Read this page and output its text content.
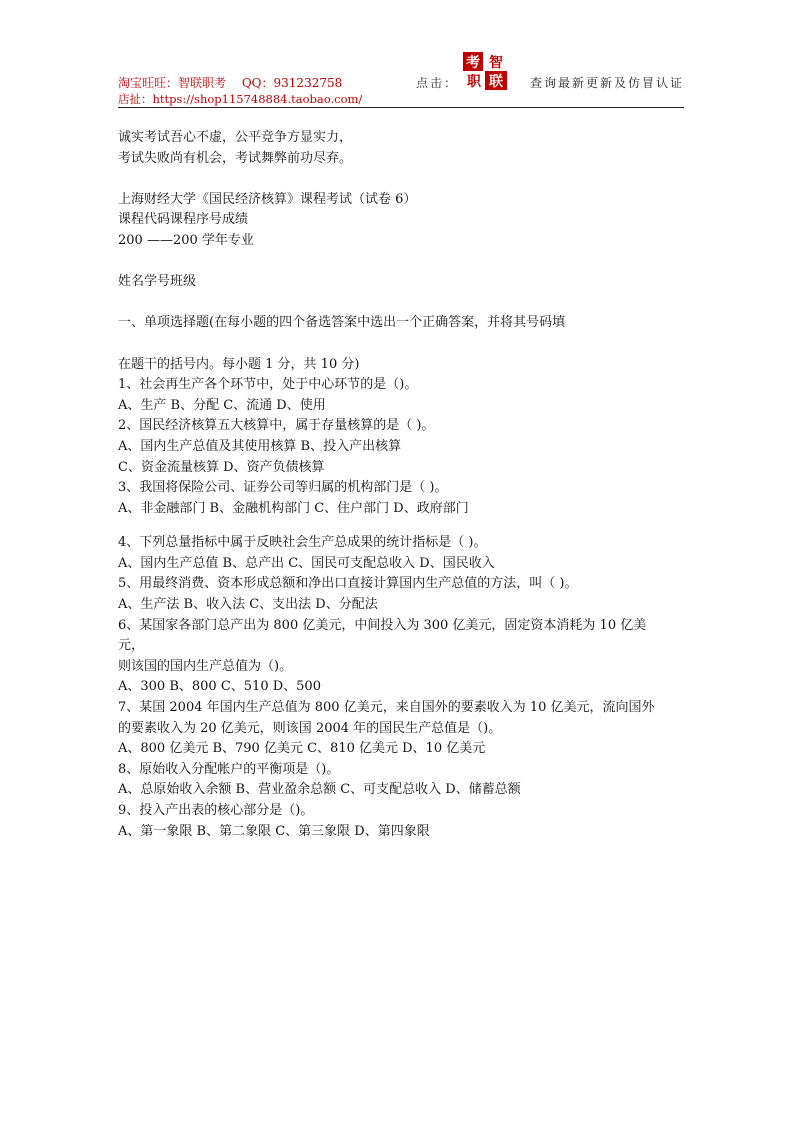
淘宝旺旺：智联职考 QQ：931232758
店扯：https://shop115748884.taobao.com/
点击：
考 智
职 联 查询最新更新及仿冒认证
诚实考试吾心不虚，公平竞争方显实力，
考试失败尚有机会，考试舞弊前功尽弃。
上海财经大学《国民经济核算》课程考试（试卷 6）
课程代码课程序号成绩
200 ——200 学年专业
姓名学号班级
一、单项选择题(在每小题的四个备选答案中选出一个正确答案，并将其号码填
在题干的括号内。每小题 1 分，共 10 分)
1、社会再生产各个环节中，处于中心环节的是（)。
A、生产 B、分配 C、流通 D、使用
2、国民经济核算五大核算中，属于存量核算的是（ )。
A、国内生产总值及其使用核算 B、投入产出核算
C、资金流量核算 D、资产负债核算
3、我国将保险公司、证券公司等归属的机构部门是（ )。
A、非金融部门 B、金融机构部门 C、住户部门 D、政府部门
4、下列总量指标中属于反映社会生产总成果的统计指标是（ )。
A、国内生产总值 B、总产出 C、国民可支配总收入 D、国民收入
5、用最终消费、资本形成总额和净出口直接计算国内生产总值的方法，叫（ )。
A、生产法 B、收入法 C、支出法 D、分配法
6、某国家各部门总产出为 800 亿美元，中间投入为 300 亿美元，固定资本消耗为 10 亿美
元，
则该国的国内生产总值为（)。
A、300 B、800 C、510 D、500
7、某国 2004 年国内生产总值为 800 亿美元，来自国外的要素收入为 10 亿美元，流向国外
的要素收入为 20 亿美元，则该国 2004 年的国民生产总值是（)。
A、800 亿美元 B、790 亿美元 C、810 亿美元 D、10 亿美元
8、原始收入分配帐户的平衡项是（)。
A、总原始收入余额 B、营业盈余总额 C、可支配总收入 D、储蓄总额
9、投入产出表的核心部分是（)。
A、第一象限 B、第二象限 C、第三象限 D、第四象限
